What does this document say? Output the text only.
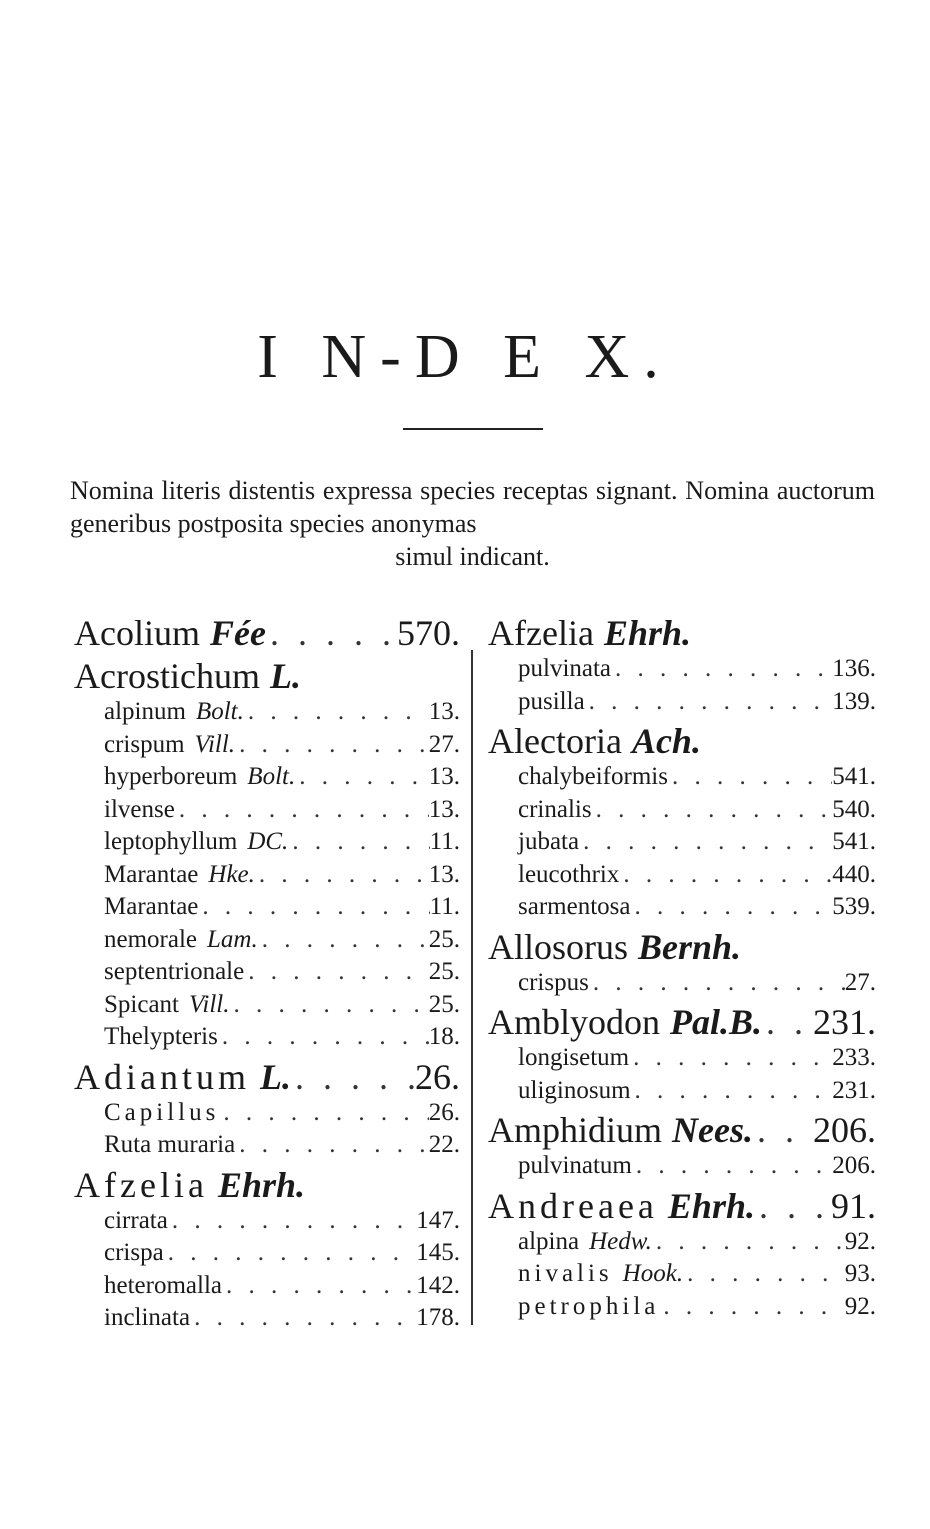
I N-D E X.
Nomina literis distentis expressa species receptas signant. Nomina auctorum generibus postposita species anonymas
simul indicant.
Acolium Fée . . .	570.
Acrostichum L.
alpinum Bolt. . . .	13.
crispum Vill. . . .	27.
hyperboreum Bolt. . . .	13.
ilvense . . .	13.
leptophyllum DC. . . .	11.
Marantae Hke. . . .	13.
Marantae . . .	11.
nemorale Lam. . . .	25.
septentrionale . . .	25.
Spicant Vill. . . .	25.
Thelypteris . . .	18.
Adiantum L. . . .	26.
Capillus . . .	26.
Ruta muraria . . .	22.
Afzelia Ehrh.
cirrata . . .	147.
crispa . . .	145.
heteromalla . . .	142.
inclinata . . .	178.
Afzelia Ehrh.
pulvinata . . .	136.
pusilla . . .	139.
Alectoria Ach.
chalybeiformis . . .	541.
crinalis . . .	540.
jubata . . .	541.
leucothrix . . .	440.
sarmentosa . . .	539.
Allosorus Bernh.
crispus . . .	27.
Amblyodon Pal.B. . . . 231.
longisetum . . .	233.
uliginosum . . .	231.
Amphidium Nees. . . . 206.
pulvinatum . . .	206.
Andreaea Ehrh. . . . 91.
alpina Hedw. . . .	92.
nivalis Hook. . . .	93.
petrophila . . .	92.
